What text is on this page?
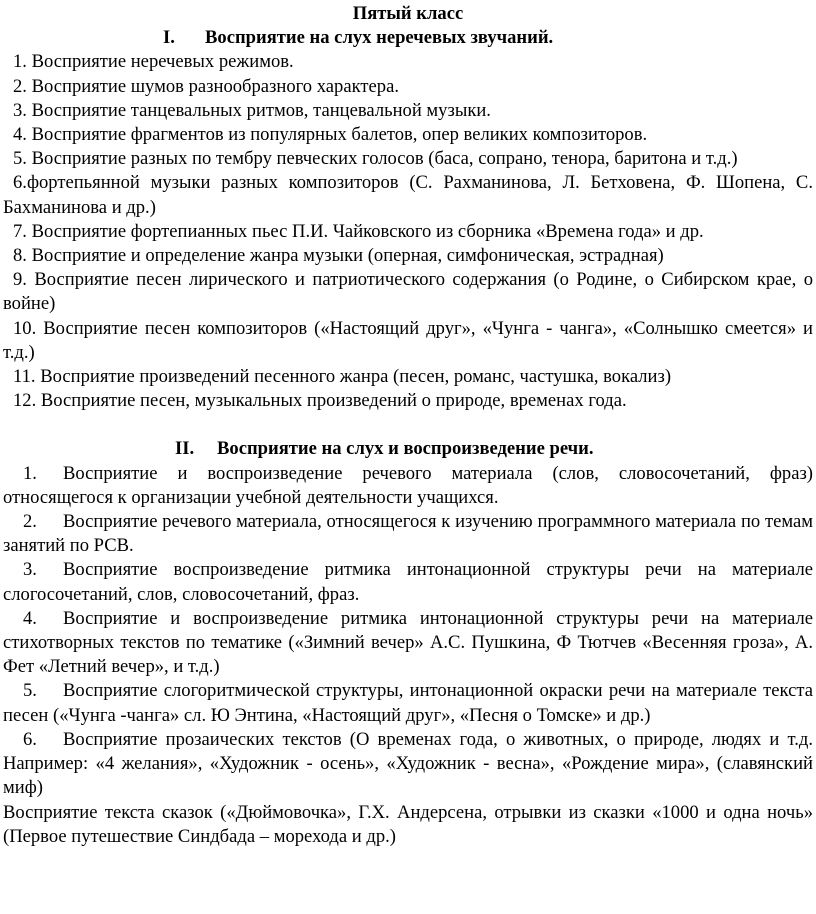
Пятый класс

I. Восприятие на слух неречевых звучаний.

1. Восприятие неречевых режимов.

2. Восприятие шумов разнообразного характера.

3. Восприятие танцевальных ритмов, танцевальной музыки.

4. Восприятие фрагментов из популярных балетов, опер великих композиторов.

5. Восприятие разных по тембру певческих голосов (баса, сопрано, тенора, баритона и т.д.)

6.фортепьянной музыки разных композиторов (С. Рахманинова, Л. Бетховена, Ф. Шопена, С. Бахманинова и др.)

7. Восприятие фортепианных пьес П.И. Чайковского из сборника «Времена года» и др.

8. Восприятие и определение жанра музыки (оперная, симфоническая, эстрадная)

9. Восприятие песен лирического и патриотического содержания (о Родине, о Сибирском крае, о войне)

10. Восприятие песен композиторов («Настоящий друг», «Чунга - чанга», «Солнышко смеется» и т.д.)

11. Восприятие произведений песенного жанра (песен, романс, частушка, вокализ)

12. Восприятие песен, музыкальных произведений о природе, временах года.

II. Восприятие на слух и воспроизведение речи.

1. Восприятие и воспроизведение речевого материала (слов, словосочетаний, фраз) относящегося к организации учебной деятельности учащихся.

2. Восприятие речевого материала, относящегося к изучению программного материала по темам занятий по РСВ.

3. Восприятие воспроизведение ритмика интонационной структуры речи на материале слогосочетаний, слов, словосочетаний, фраз.

4. Восприятие и воспроизведение ритмика интонационной структуры речи на материале стихотворных текстов по тематике («Зимний вечер» А.С. Пушкина, Ф Тютчев «Весенняя гроза», А. Фет «Летний вечер», и т.д.)

5. Восприятие слогоритмической структуры, интонационной окраски речи на материале текста песен («Чунга -чанга» сл. Ю Энтина, «Настоящий друг», «Песня о Томске» и др.)

6. Восприятие прозаических текстов (О временах года, о животных, о природе, людях и т.д. Например: «4 желания», «Художник - осень», «Художник - весна», «Рождение мира», (славянский миф)

Восприятие текста сказок («Дюймовочка», Г.Х. Андерсена, отрывки из сказки «1000 и одна ночь» (Первое путешествие Синдбада – морехода и др.)
